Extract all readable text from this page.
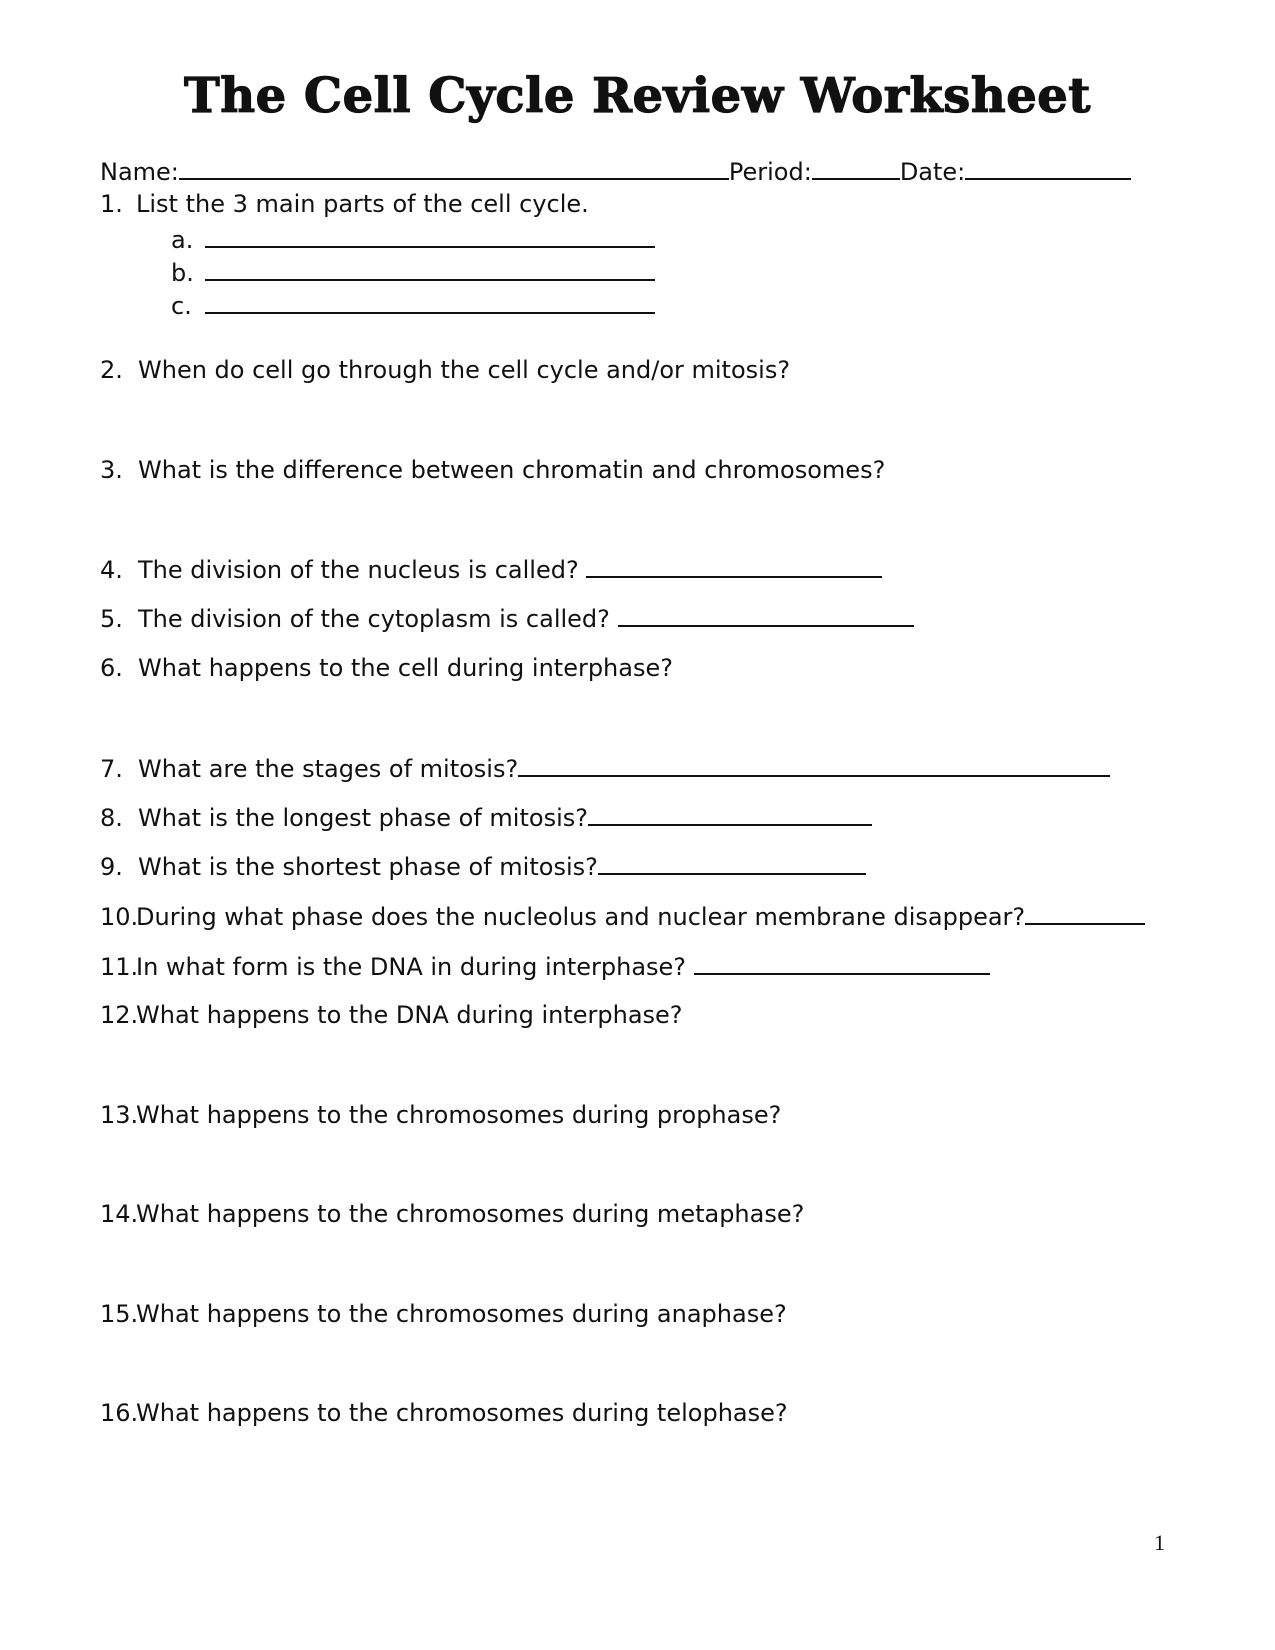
The Cell Cycle Review Worksheet
Name:	Period:	Date:
1. List the 3 main parts of the cell cycle.
a.
b.
c.
2. When do cell go through the cell cycle and/or mitosis?
3. What is the difference between chromatin and chromosomes?
4. The division of the nucleus is called?
5. The division of the cytoplasm is called?
6. What happens to the cell during interphase?
7. What are the stages of mitosis?
8. What is the longest phase of mitosis?
9. What is the shortest phase of mitosis?
10.During what phase does the nucleolus and nuclear membrane disappear?
11.In what form is the DNA in during interphase?
12.What happens to the DNA during interphase?
13.What happens to the chromosomes during prophase?
14.What happens to the chromosomes during metaphase?
15.What happens to the chromosomes during anaphase?
16.What happens to the chromosomes during telophase?
1
